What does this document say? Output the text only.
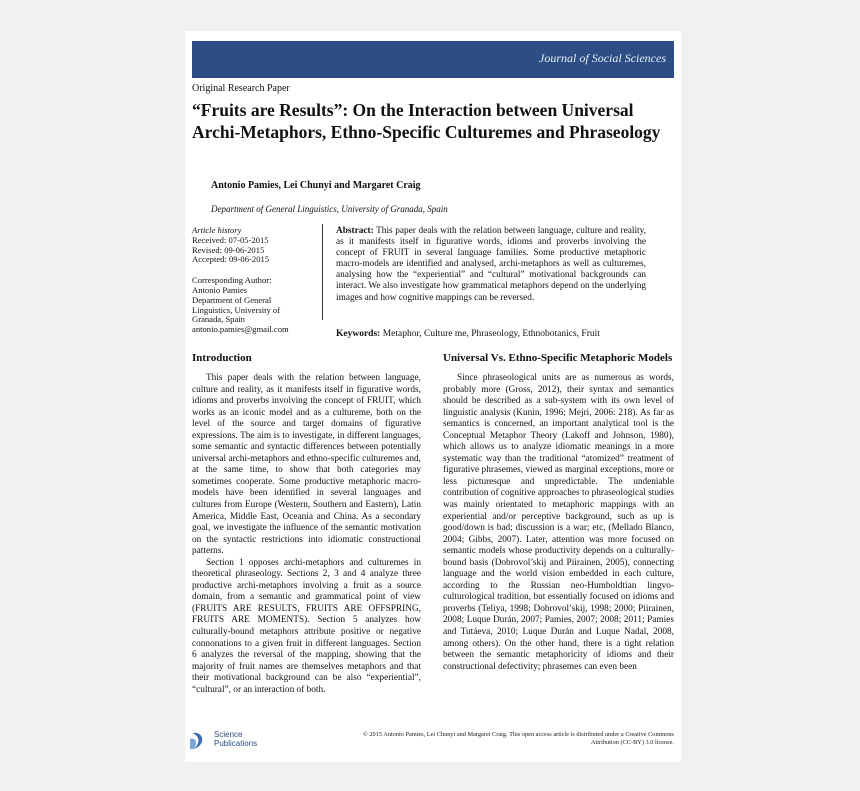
Journal of Social Sciences
Original Research Paper
“Fruits are Results”: On the Interaction between Universal Archi-Metaphors, Ethno-Specific Culturemes and Phraseology
Antonio Pamies, Lei Chunyi and Margaret Craig
Department of General Linguistics, University of Granada, Spain
Article history
Received: 07-05-2015
Revised: 09-06-2015
Accepted: 09-06-2015
Corresponding Author:
Antonio Pamies
Department of General
Linguistics, University of
Granada, Spain
antonio.pamies@gmail.com
Abstract: This paper deals with the relation between language, culture and reality, as it manifests itself in figurative words, idioms and proverbs involving the concept of FRUIT in several language families. Some productive metaphoric macro-models are identified and analysed, archi-metaphors as well as culturemes, analysing how the “experiential” and “cultural” motivational backgrounds can interact. We also investigate how grammatical metaphors depend on the underlying images and how cognitive mappings can be reversed.
Keywords: Metaphor, Culture me, Phraseology, Ethnobotanics, Fruit
Introduction

This paper deals with the relation between language, culture and reality, as it manifests itself in figurative words, idioms and proverbs involving the concept of FRUIT, which works as an iconic model and as a cultureme, both on the level of the source and target domains of figurative expressions. The aim is to investigate, in different languages, some semantic and syntactic differences between potentially universal archi-metaphors and ethno-specific culturemes and, at the same time, to show that both categories may sometimes cooperate. Some productive metaphoric macro-models have been identified in several languages and cultures from Europe (Western, Southern and Eastern), Latin America, Middle East, Oceania and China. As a secondary goal, we investigate the influence of the semantic motivation on the syntactic restrictions into idiomatic constructional patterns.

Section 1 opposes archi-metaphors and culturemes in theoretical phraseology. Sections 2, 3 and 4 analyze three productive archi-metaphors involving a fruit as a source domain, from a semantic and grammatical point of view (FRUITS ARE RESULTS, FRUITS ARE OFFSPRING, FRUITS ARE MOMENTS). Section 5 analyzes how culturally-bound metaphors attribute positive or negative connonations to a given fruit in different languages. Section 6 analyzes the reversal of the mapping, showing that the majority of fruit names are themselves metaphors and that their motivational background can be also “experiential”, “cultural”, or an interaction of both.

Universal Vs. Ethno-Specific Metaphoric Models

Since phraseological units are as numerous as words, probably more (Gross, 2012), their syntax and semantics should be described as a sub-system with its own level of linguistic analysis (Kunin, 1996; Mejri, 2006: 218). As far as semantics is concerned, an important analytical tool is the Conceptual Metaphor Theory (Lakoff and Johnson, 1980), which allows us to analyze idiomatic meanings in a more systematic way than the traditional “atomized” treatment of figurative phrasemes, viewed as marginal exceptions, more or less picturesque and unpredictable. The undeniable contribution of cognitive approaches to phraseological studies was mainly orientated to metaphoric mappings with an experiential and/or perceptive background, such as up is good/down is bad; discussion is a war; etc, (Mellado Blanco, 2004; Gibbs, 2007). Later, attention was more focused on semantic models whose productivity depends on a culturally-bound basis (Dobrovol’skij and Piirainen, 2005), connecting language and the world vision embedded in each culture, according to the Russian neo-Humboldtian lingvo-culturological tradition, but essentially focused on idioms and proverbs (Teliya, 1998; Dobrovol’skij, 1998; 2000; Piirainen, 2008; Luque Durán, 2007; Pamies, 2007; 2008; 2011; Pamies and Tutáeva, 2010; Luque Durán and Luque Nadal, 2008, among others). On the other hand, there is a tight relation between the semantic metaphoricity of idioms and their constructional defectivity; phrasemes can even been

Science
Publications
© 2015 Antonio Pamies, Lei Chunyi and Margaret Craig. This open access article is distributed under a Creative Commons
Attribution (CC-BY) 3.0 license.
